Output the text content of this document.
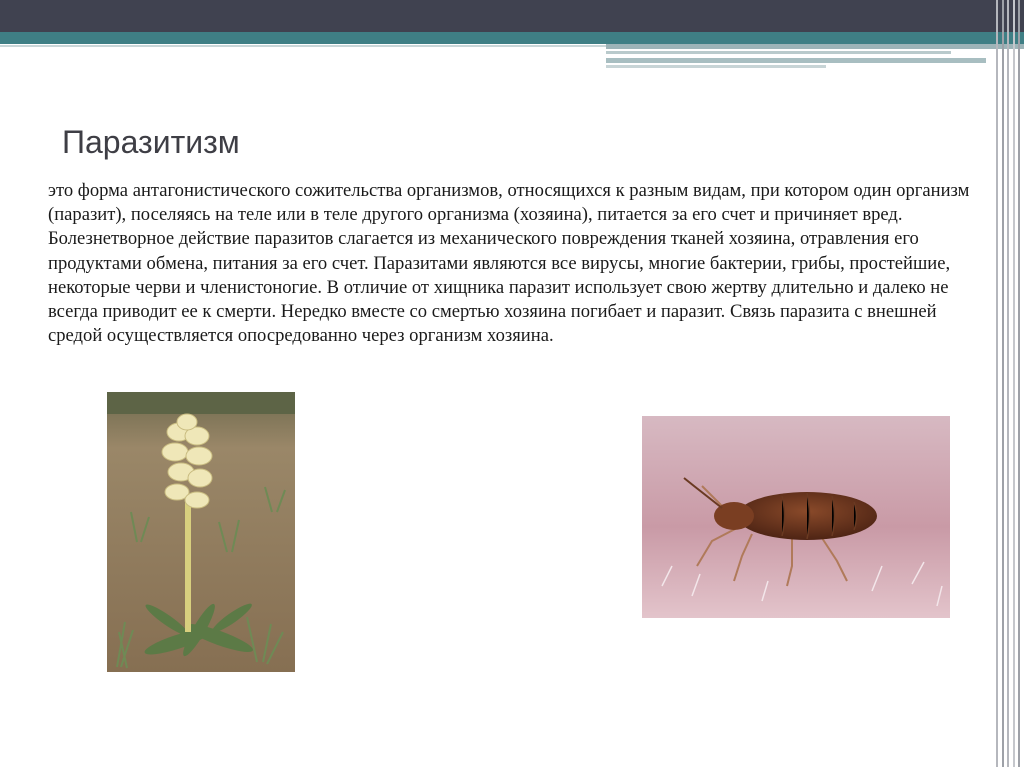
Паразитизм

это форма антагонистического сожительства организмов, относящихся к разным видам, при котором один организм (паразит), поселяясь на теле или в теле другого организма (хозяина), питается за его счет и причиняет вред. Болезнетворное действие паразитов слагается из механического повреждения тканей хозяина, отравления его продуктами обмена, питания за его счет. Паразитами являются все вирусы, многие бактерии, грибы, простейшие, некоторые черви и членистоногие. В отличие от хищника паразит использует свою жертву длительно и далеко не всегда приводит ее к смерти. Нередко вместе со смертью хозяина погибает и паразит. Связь паразита с внешней средой осуществляется опосредованно через организм хозяина.
